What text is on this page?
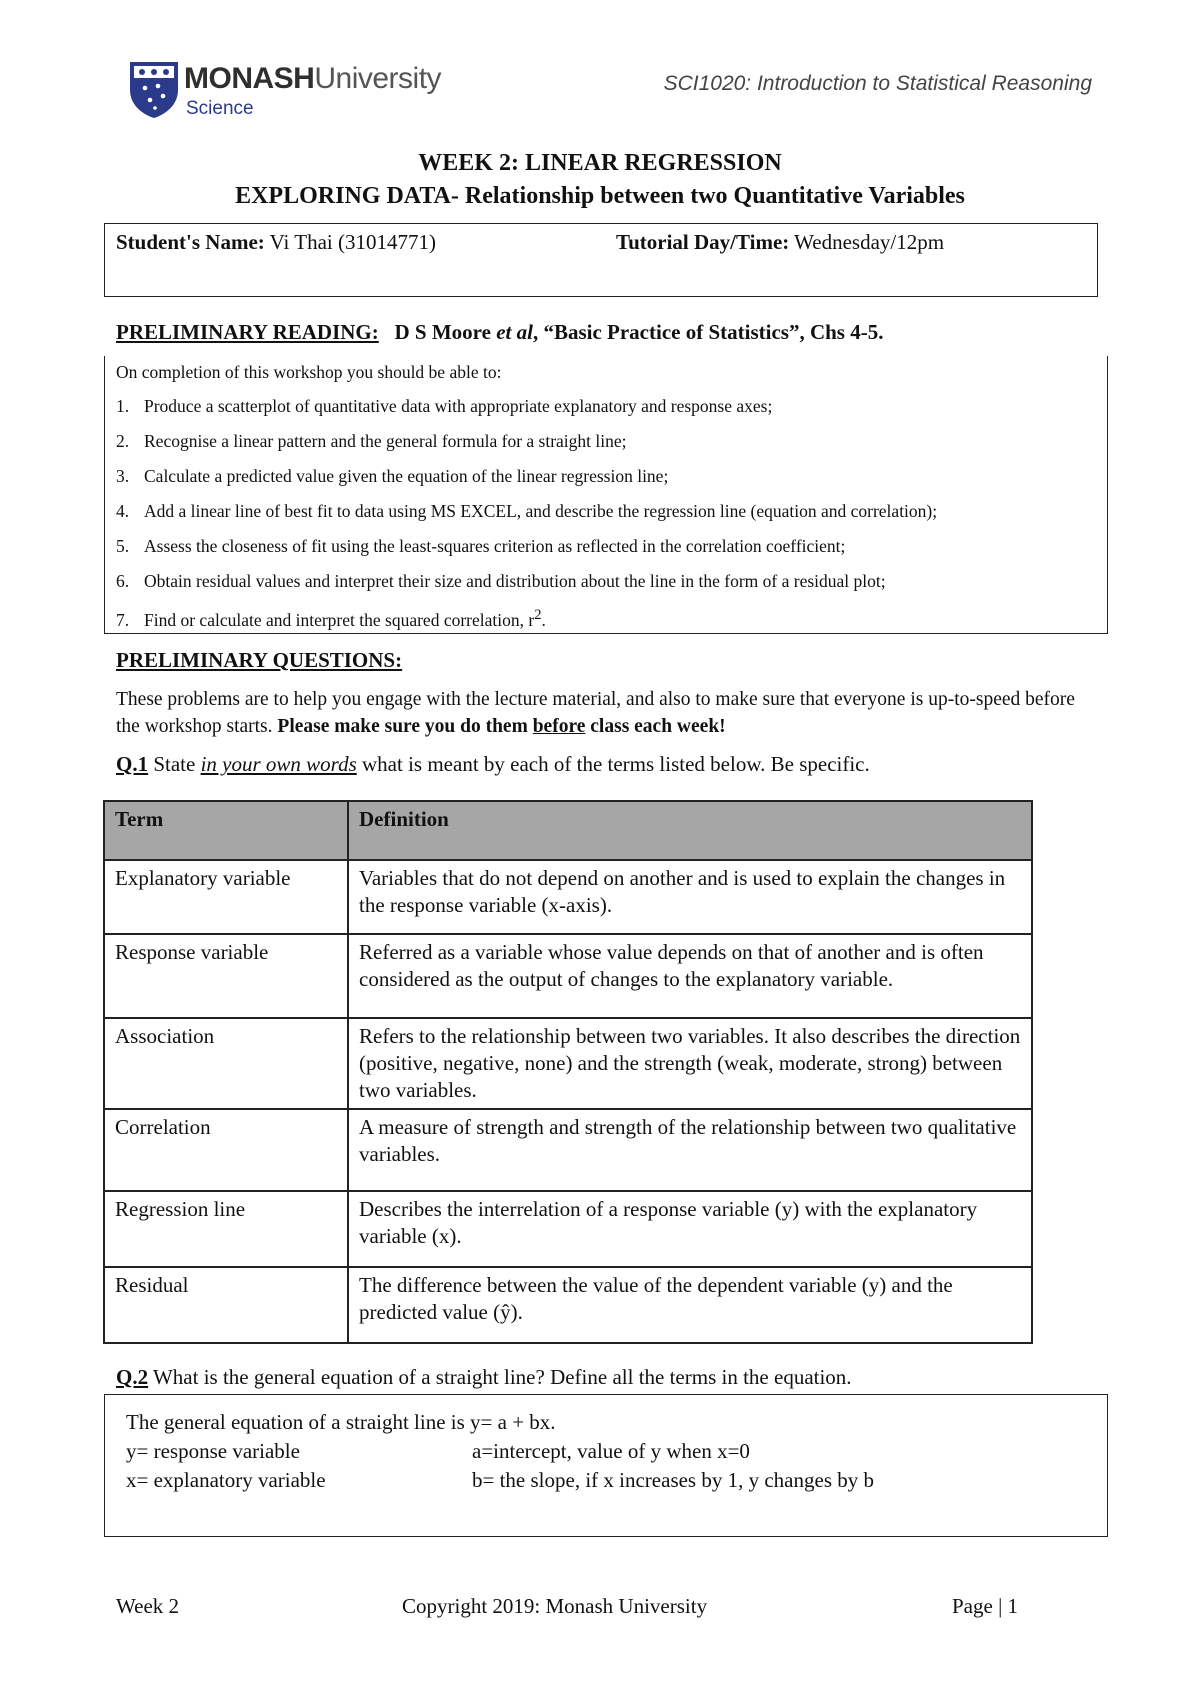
MONASHUniversity
Science
SCI1020: Introduction to Statistical Reasoning
WEEK 2: LINEAR REGRESSION
EXPLORING DATA- Relationship between two Quantitative Variables
Student's Name: Vi Thai (31014771)	Tutorial Day/Time: Wednesday/12pm
PRELIMINARY READING: D S Moore et al, “Basic Practice of Statistics”, Chs 4-5.
On completion of this workshop you should be able to:
1. Produce a scatterplot of quantitative data with appropriate explanatory and response axes;
2. Recognise a linear pattern and the general formula for a straight line;
3. Calculate a predicted value given the equation of the linear regression line;
4. Add a linear line of best fit to data using MS EXCEL, and describe the regression line (equation and correlation);
5. Assess the closeness of fit using the least-squares criterion as reflected in the correlation coefficient;
6. Obtain residual values and interpret their size and distribution about the line in the form of a residual plot;
7. Find or calculate and interpret the squared correlation, $r^2$.
PRELIMINARY QUESTIONS:
These problems are to help you engage with the lecture material, and also to make sure that everyone is up-to-speed before the workshop starts. Please make sure you do them before class each week!
Q.1 State in your own words what is meant by each of the terms listed below. Be specific.
Term	Definition
Explanatory variable	Variables that do not depend on another and is used to explain the changes in the response variable (x-axis).
Response variable	Referred as a variable whose value depends on that of another and is often considered as the output of changes to the explanatory variable.
Association	Refers to the relationship between two variables. It also describes the direction (positive, negative, none) and the strength (weak, moderate, strong) between two variables.
Correlation	A measure of strength and strength of the relationship between two qualitative variables.
Regression line	Describes the interrelation of a response variable (y) with the explanatory variable (x).
Residual	The difference between the value of the dependent variable (y) and the predicted value (ŷ).
Q.2 What is the general equation of a straight line? Define all the terms in the equation.
The general equation of a straight line is y= a + bx.
y= response variable	a=intercept, value of y when x=0
x= explanatory variable	b= the slope, if x increases by 1, y changes by b
Week 2	Copyright 2019: Monash University	Page | 1
